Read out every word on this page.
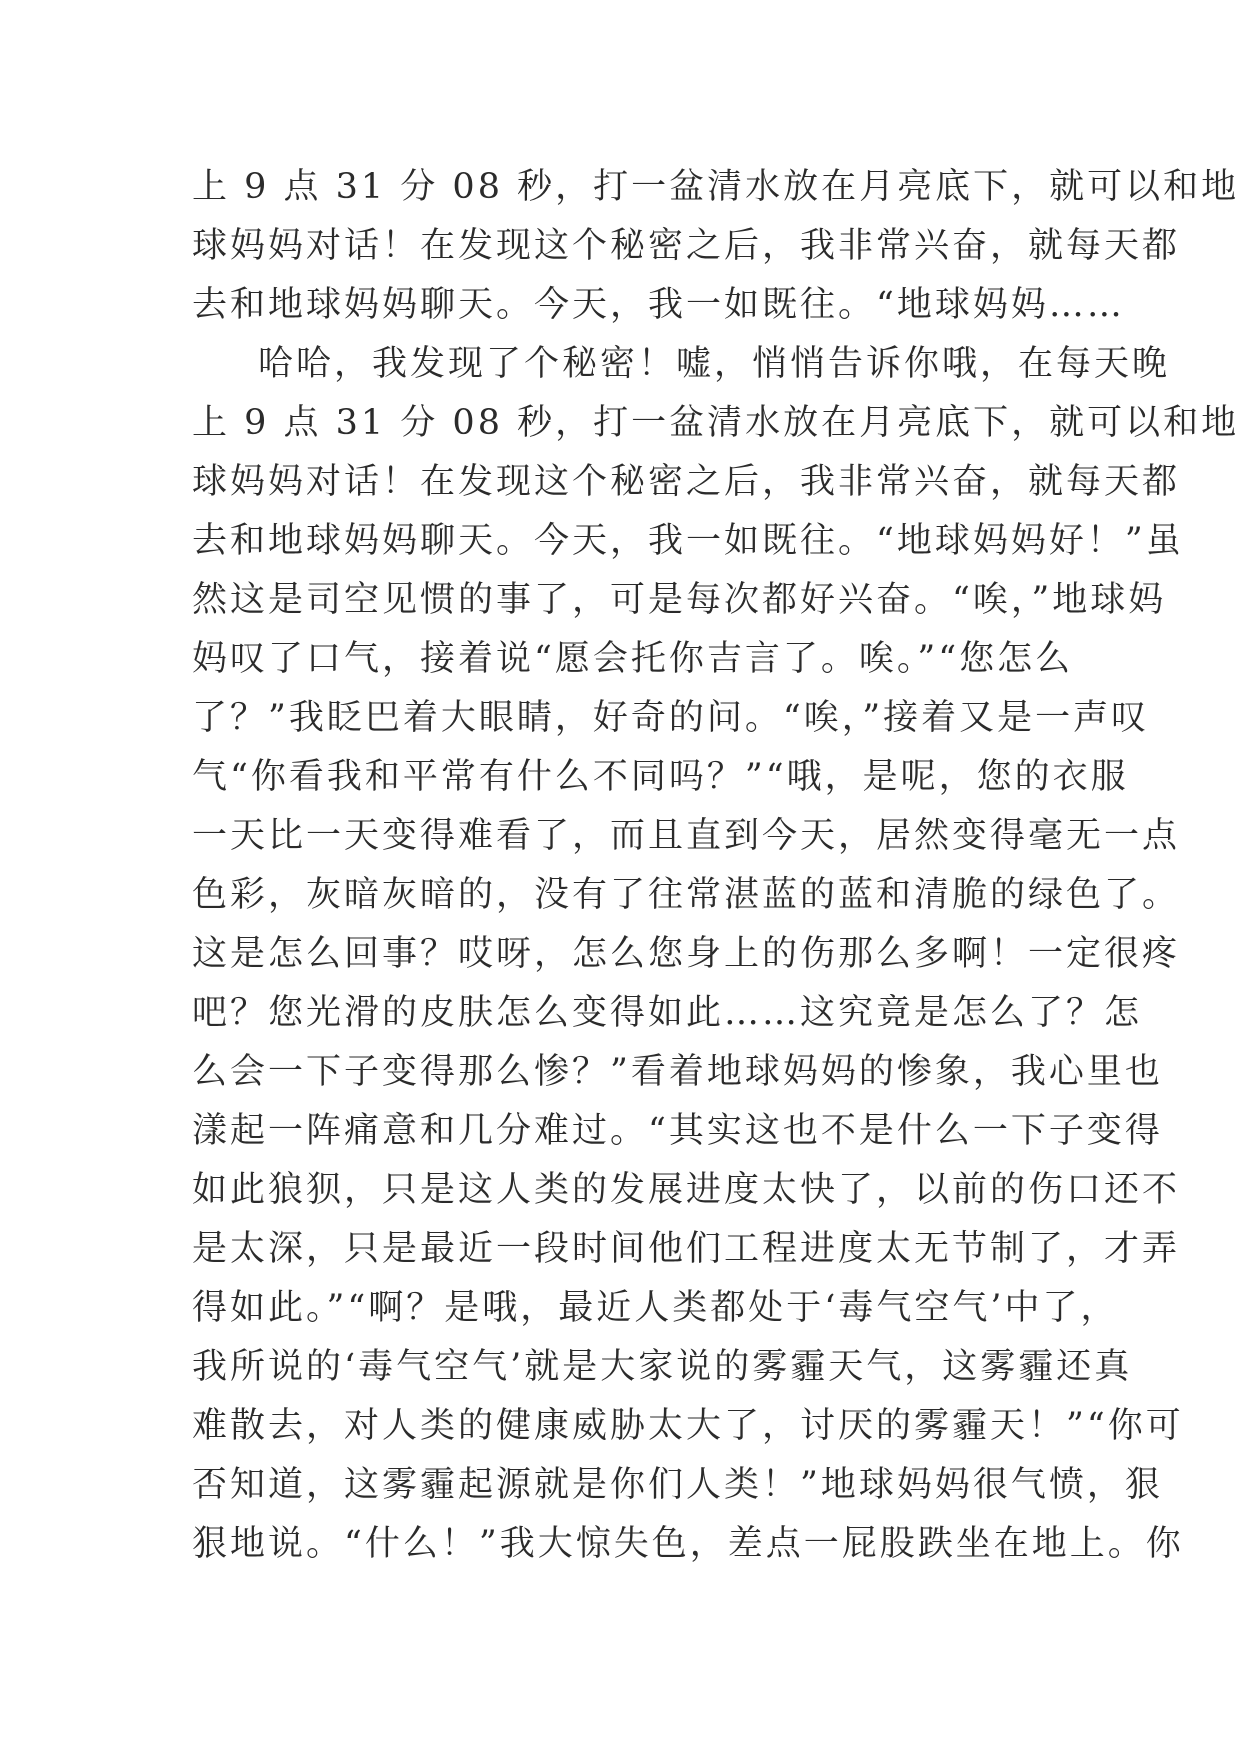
上 9 点 31 分 08 秒，打一盆清水放在月亮底下，就可以和地
球妈妈对话！在发现这个秘密之后，我非常兴奋，就每天都
去和地球妈妈聊天。今天，我一如既往。“地球妈妈……
哈哈，我发现了个秘密！嘘，悄悄告诉你哦，在每天晚
上 9 点 31 分 08 秒，打一盆清水放在月亮底下，就可以和地
球妈妈对话！在发现这个秘密之后，我非常兴奋，就每天都
去和地球妈妈聊天。今天，我一如既往。“地球妈妈好！”虽
然这是司空见惯的事了，可是每次都好兴奋。“唉，”地球妈
妈叹了口气，接着说“愿会托你吉言了。唉。”“您怎么
了？”我眨巴着大眼睛，好奇的问。“唉，”接着又是一声叹
气“你看我和平常有什么不同吗？”“哦，是呢，您的衣服
一天比一天变得难看了，而且直到今天，居然变得毫无一点
色彩，灰暗灰暗的，没有了往常湛蓝的蓝和清脆的绿色了。
这是怎么回事？哎呀，怎么您身上的伤那么多啊！一定很疼
吧？您光滑的皮肤怎么变得如此……这究竟是怎么了？怎
么会一下子变得那么惨？”看着地球妈妈的惨象，我心里也
漾起一阵痛意和几分难过。“其实这也不是什么一下子变得
如此狼狈，只是这人类的发展进度太快了，以前的伤口还不
是太深，只是最近一段时间他们工程进度太无节制了，才弄
得如此。”“啊？是哦，最近人类都处于‘毒气空气’中了，
我所说的‘毒气空气’就是大家说的雾霾天气，这雾霾还真
难散去，对人类的健康威胁太大了，讨厌的雾霾天！”“你可
否知道，这雾霾起源就是你们人类！”地球妈妈很气愤，狠
狠地说。“什么！”我大惊失色，差点一屁股跌坐在地上。你
